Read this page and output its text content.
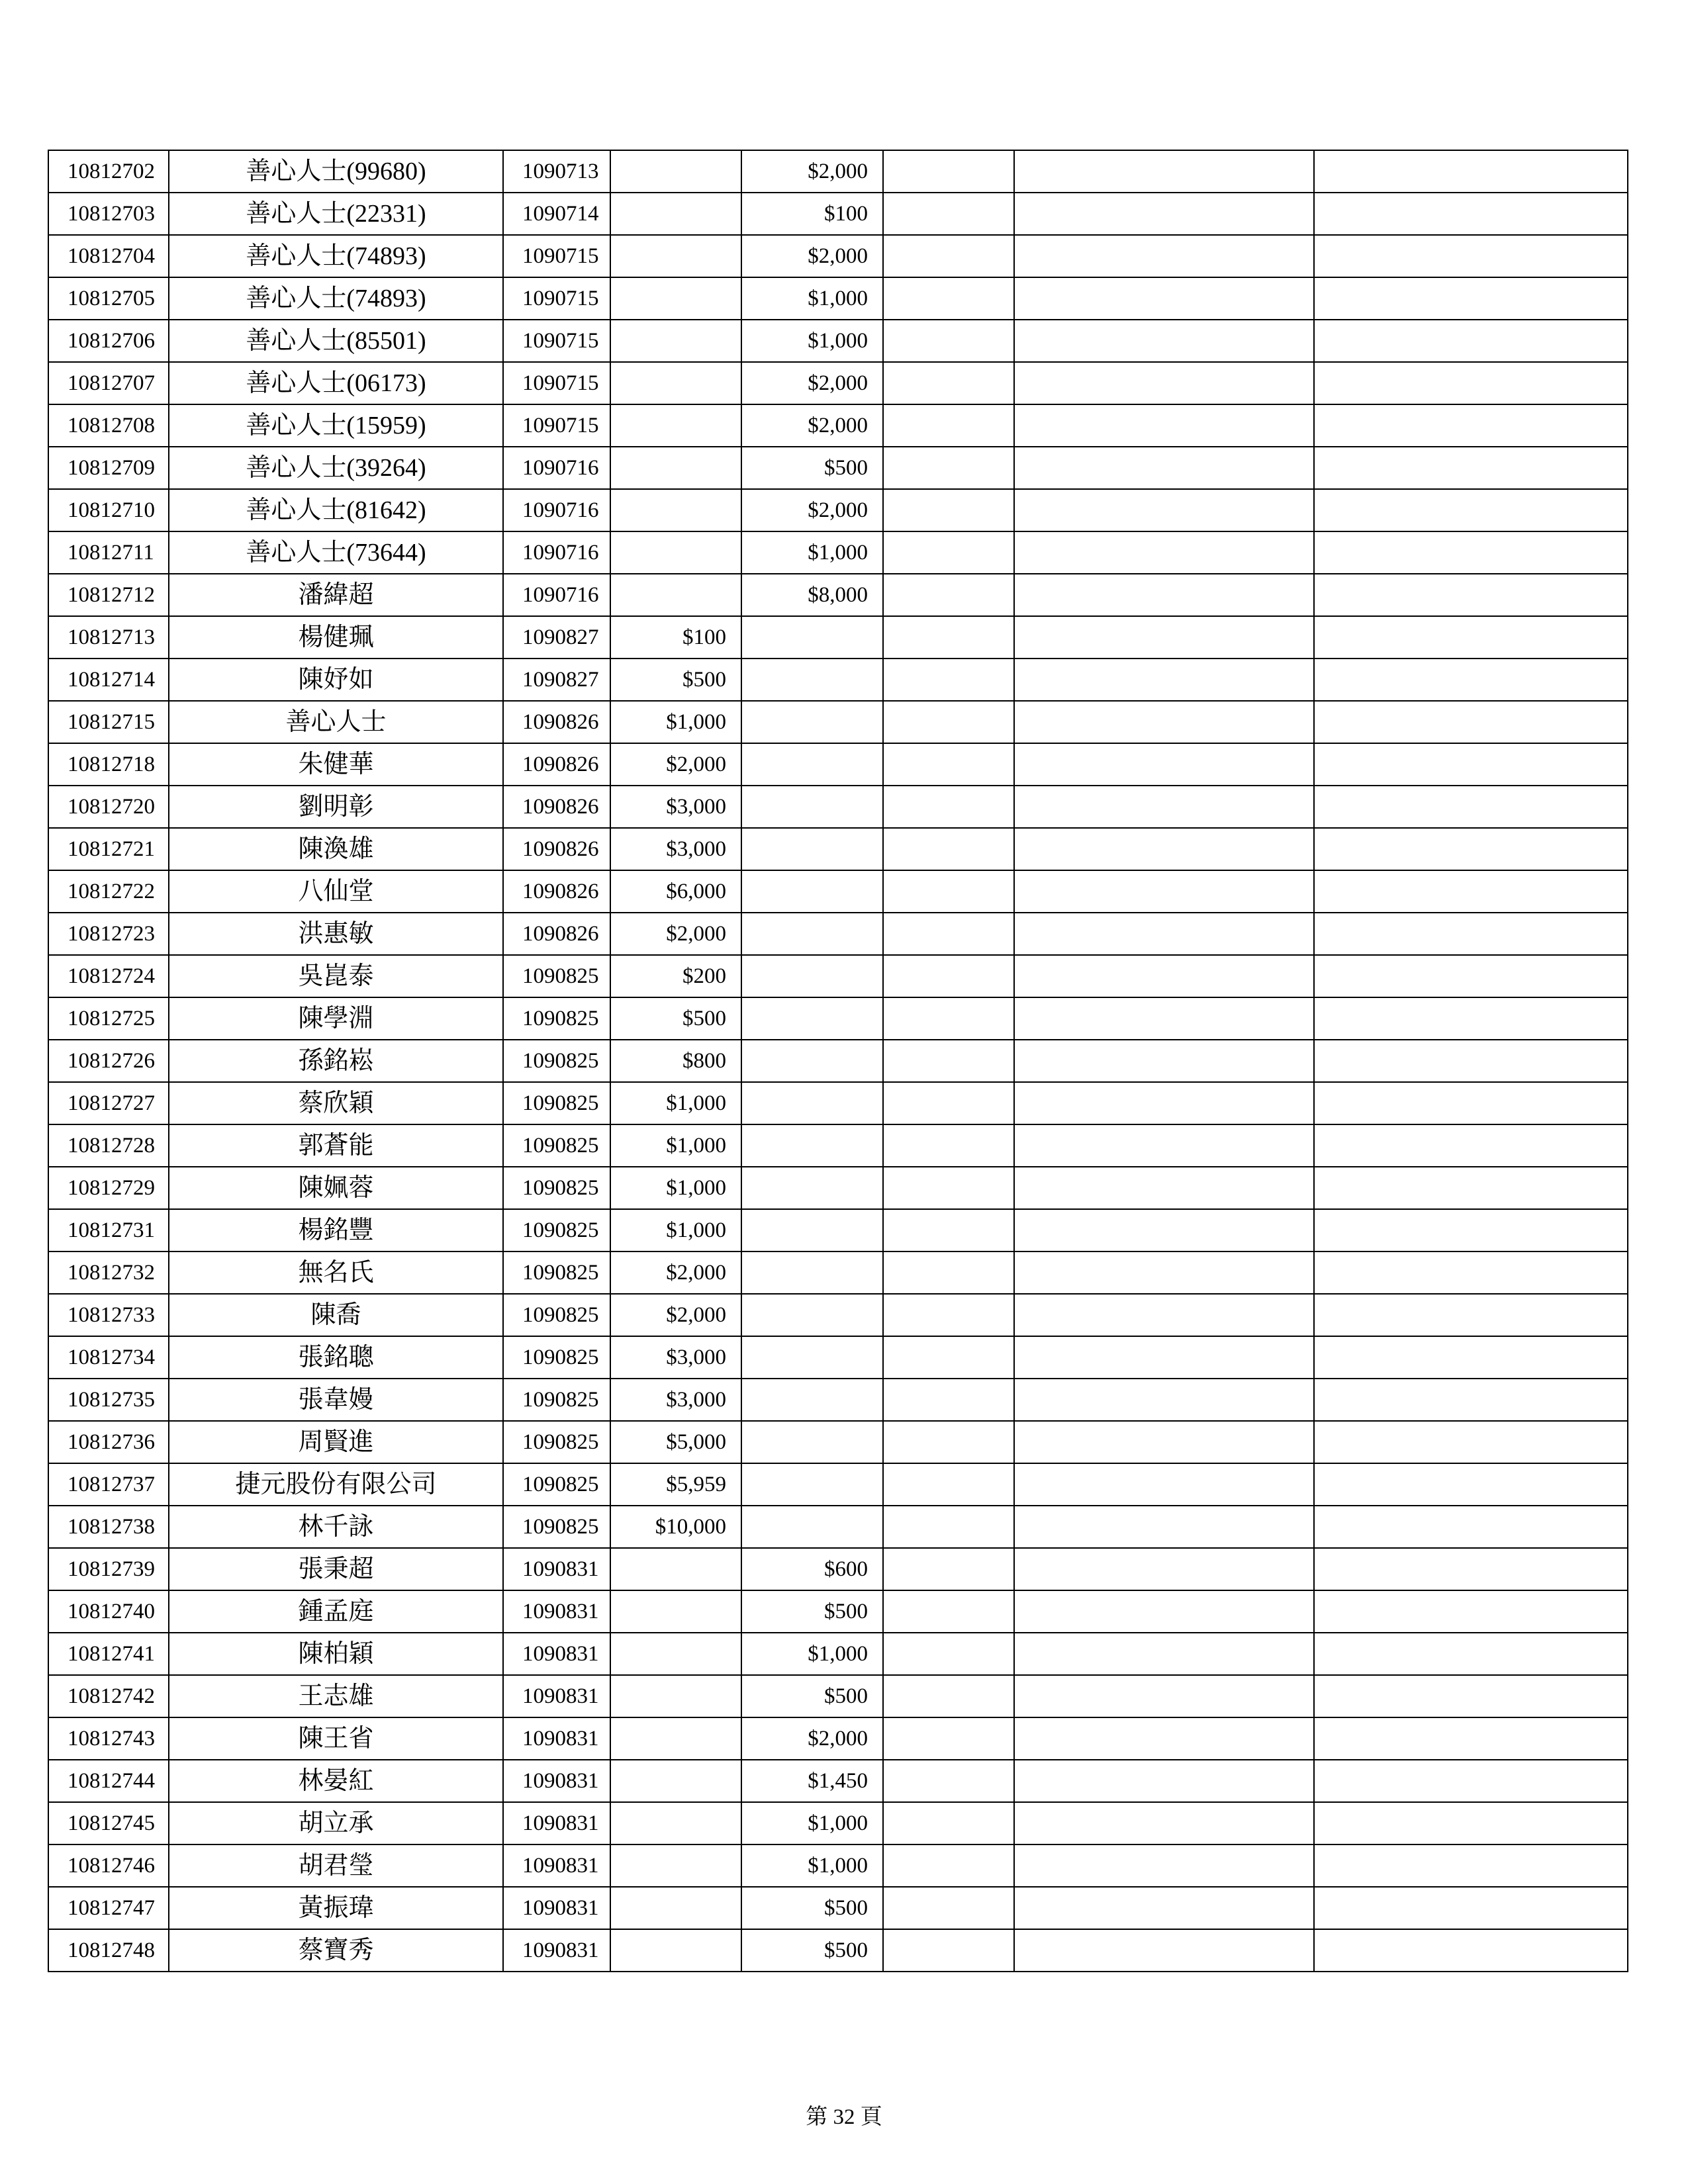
10812702	善心人士(99680)	1090713		$2,000			
10812703	善心人士(22331)	1090714		$100			
10812704	善心人士(74893)	1090715		$2,000			
10812705	善心人士(74893)	1090715		$1,000			
10812706	善心人士(85501)	1090715		$1,000			
10812707	善心人士(06173)	1090715		$2,000			
10812708	善心人士(15959)	1090715		$2,000			
10812709	善心人士(39264)	1090716		$500			
10812710	善心人士(81642)	1090716		$2,000			
10812711	善心人士(73644)	1090716		$1,000			
10812712	潘緯超	1090716		$8,000			
10812713	楊健珮	1090827	$100				
10812714	陳妤如	1090827	$500				
10812715	善心人士	1090826	$1,000				
10812718	朱健華	1090826	$2,000				
10812720	劉明彰	1090826	$3,000				
10812721	陳渙雄	1090826	$3,000				
10812722	八仙堂	1090826	$6,000				
10812723	洪惠敏	1090826	$2,000				
10812724	吳崑泰	1090825	$200				
10812725	陳學淵	1090825	$500				
10812726	孫銘崧	1090825	$800				
10812727	蔡欣穎	1090825	$1,000				
10812728	郭蒼能	1090825	$1,000				
10812729	陳姵蓉	1090825	$1,000				
10812731	楊銘豐	1090825	$1,000				
10812732	無名氏	1090825	$2,000				
10812733	陳喬	1090825	$2,000				
10812734	張銘聰	1090825	$3,000				
10812735	張韋嫚	1090825	$3,000				
10812736	周賢進	1090825	$5,000				
10812737	捷元股份有限公司	1090825	$5,959				
10812738	林千詠	1090825	$10,000				
10812739	張秉超	1090831		$600			
10812740	鍾孟庭	1090831		$500			
10812741	陳柏穎	1090831		$1,000			
10812742	王志雄	1090831		$500			
10812743	陳王省	1090831		$2,000			
10812744	林晏紅	1090831		$1,450			
10812745	胡立承	1090831		$1,000			
10812746	胡君瑩	1090831		$1,000			
10812747	黃振瑋	1090831		$500			
10812748	蔡寶秀	1090831		$500			
第 32 頁
